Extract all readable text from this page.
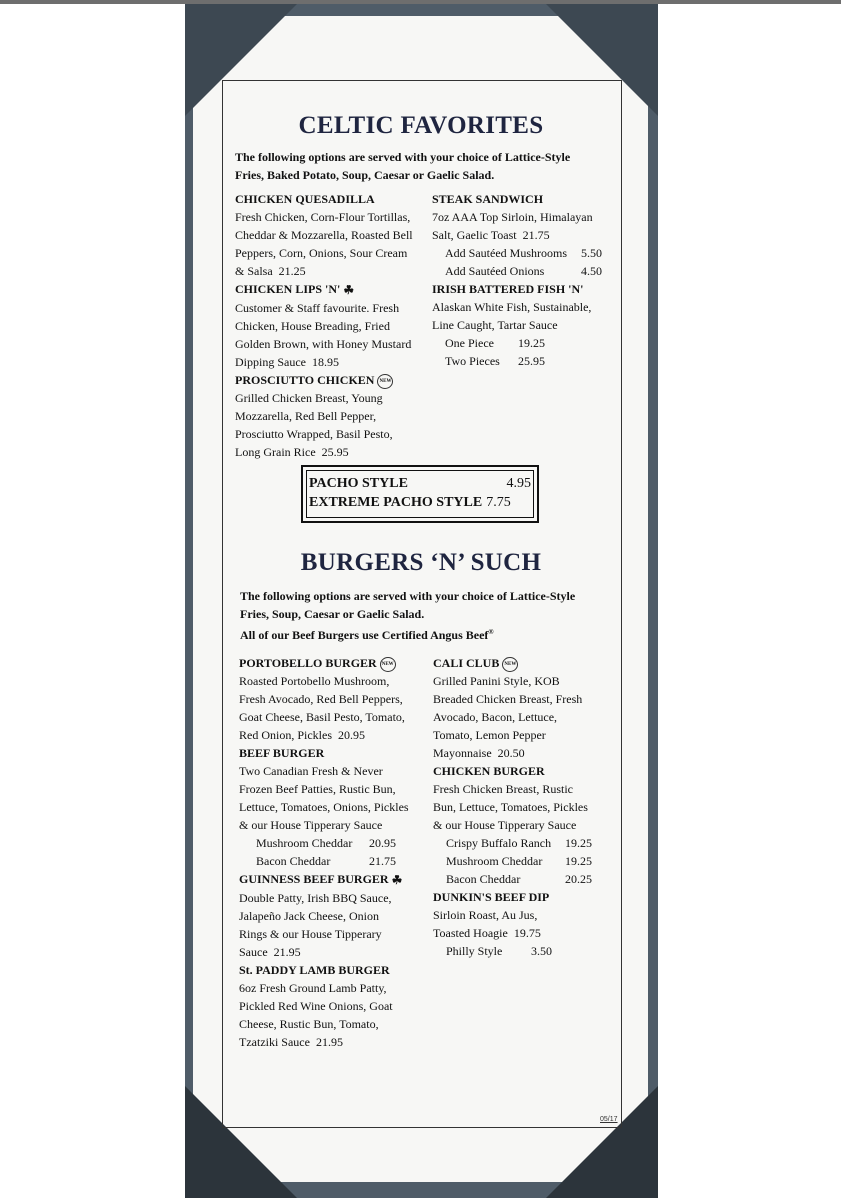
CELTIC FAVORITES
The following options are served with your choice of Lattice-Style
Fries, Baked Potato, Soup, Caesar or Gaelic Salad.
CHICKEN QUESADILLA
Fresh Chicken, Corn-Flour Tortillas,
Cheddar & Mozzarella, Roasted Bell
Peppers, Corn, Onions, Sour Cream
& Salsa 21.25
CHICKEN LIPS 'N' ☘
Customer & Staff favourite. Fresh
Chicken, House Breading, Fried
Golden Brown, with Honey Mustard
Dipping Sauce 18.95
PROSCIUTTO CHICKEN NEW
Grilled Chicken Breast, Young
Mozzarella, Red Bell Pepper,
Prosciutto Wrapped, Basil Pesto,
Long Grain Rice 25.95
STEAK SANDWICH
7oz AAA Top Sirloin, Himalayan
Salt, Gaelic Toast 21.75
Add Sautéed Mushrooms 5.50
Add Sautéed Onions	4.50
IRISH BATTERED FISH 'N'
Alaskan White Fish, Sustainable,
Line Caught, Tartar Sauce
One Piece 19.25
Two Pieces 25.95
PACHO STYLE	4.95
EXTREME PACHO STYLE 7.75
BURGERS ‘N’ SUCH
The following options are served with your choice of Lattice-Style
Fries, Soup, Caesar or Gaelic Salad.
All of our Beef Burgers use Certified Angus Beef®
PORTOBELLO BURGER NEW
Roasted Portobello Mushroom,
Fresh Avocado, Red Bell Peppers,
Goat Cheese, Basil Pesto, Tomato,
Red Onion, Pickles 20.95
BEEF BURGER
Two Canadian Fresh & Never
Frozen Beef Patties, Rustic Bun,
Lettuce, Tomatoes, Onions, Pickles
& our House Tipperary Sauce
Mushroom Cheddar 20.95
Bacon Cheddar	21.75
GUINNESS BEEF BURGER ☘
Double Patty, Irish BBQ Sauce,
Jalapeño Jack Cheese, Onion
Rings & our House Tipperary
Sauce 21.95
St. PADDY LAMB BURGER
6oz Fresh Ground Lamb Patty,
Pickled Red Wine Onions, Goat
Cheese, Rustic Bun, Tomato,
Tzatziki Sauce 21.95
CALI CLUB NEW
Grilled Panini Style, KOB
Breaded Chicken Breast, Fresh
Avocado, Bacon, Lettuce,
Tomato, Lemon Pepper
Mayonnaise 20.50
CHICKEN BURGER
Fresh Chicken Breast, Rustic
Bun, Lettuce, Tomatoes, Pickles
& our House Tipperary Sauce
Crispy Buffalo Ranch 19.25
Mushroom Cheddar 19.25
Bacon Cheddar	20.25
DUNKIN'S BEEF DIP
Sirloin Roast, Au Jus,
Toasted Hoagie 19.75
Philly Style 3.50
05/17
